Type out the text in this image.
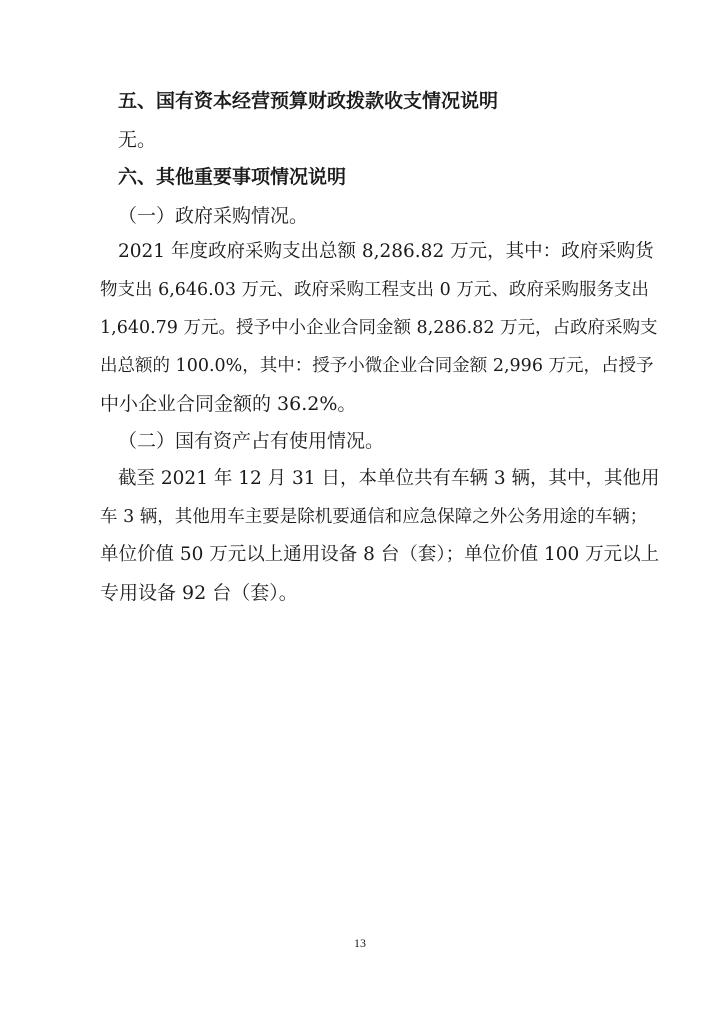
五、国有资本经营预算财政拨款收支情况说明
无。
六、其他重要事项情况说明
（一）政府采购情况。
2021 年度政府采购支出总额 8,286.82 万元，其中：政府采购货
物支出 6,646.03 万元、政府采购工程支出 0 万元、政府采购服务支出
1,640.79 万元。授予中小企业合同金额 8,286.82 万元，占政府采购支
出总额的 100.0%，其中：授予小微企业合同金额 2,996 万元，占授予
中小企业合同金额的 36.2%。
（二）国有资产占有使用情况。
截至 2021 年 12 月 31 日，本单位共有车辆 3 辆，其中，其他用
车 3 辆，其他用车主要是除机要通信和应急保障之外公务用途的车辆；
单位价值 50 万元以上通用设备 8 台（套）；单位价值 100 万元以上
专用设备 92 台（套）。
13
